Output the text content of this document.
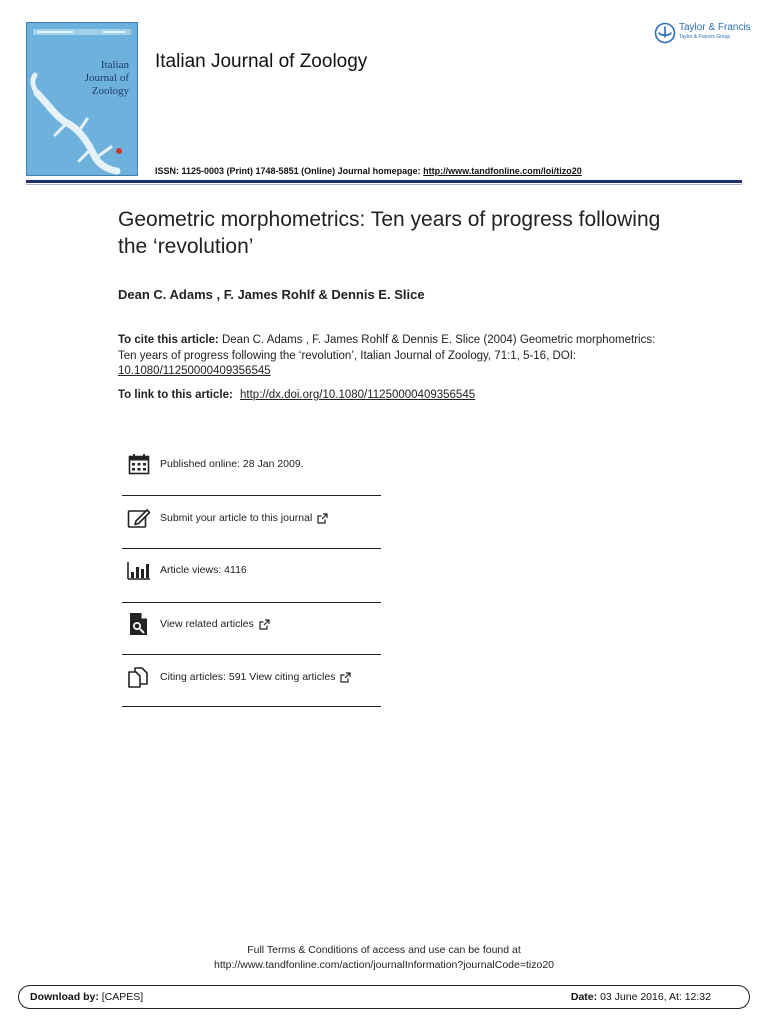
Italian
Journal of
Zoology
Italian Journal of Zoology
ISSN: 1125-0003 (Print) 1748-5851 (Online) Journal homepage: http://www.tandfonline.com/loi/tizo20
Taylor & Francis
Taylor & Francis Group
Geometric morphometrics: Ten years of progress following the ‘revolution’
Dean C. Adams , F. James Rohlf & Dennis E. Slice
To cite this article: Dean C. Adams , F. James Rohlf & Dennis E. Slice (2004) Geometric morphometrics: Ten years of progress following the ‘revolution’, Italian Journal of Zoology, 71:1, 5-16, DOI: 10.1080/11250000409356545
To link to this article: http://dx.doi.org/10.1080/11250000409356545
Published online: 28 Jan 2009.
Submit your article to this journal
Article views: 4116
View related articles
Citing articles: 591 View citing articles
Full Terms & Conditions of access and use can be found at
http://www.tandfonline.com/action/journalInformation?journalCode=tizo20
Download by: [CAPES]	Date: 03 June 2016, At: 12:32
